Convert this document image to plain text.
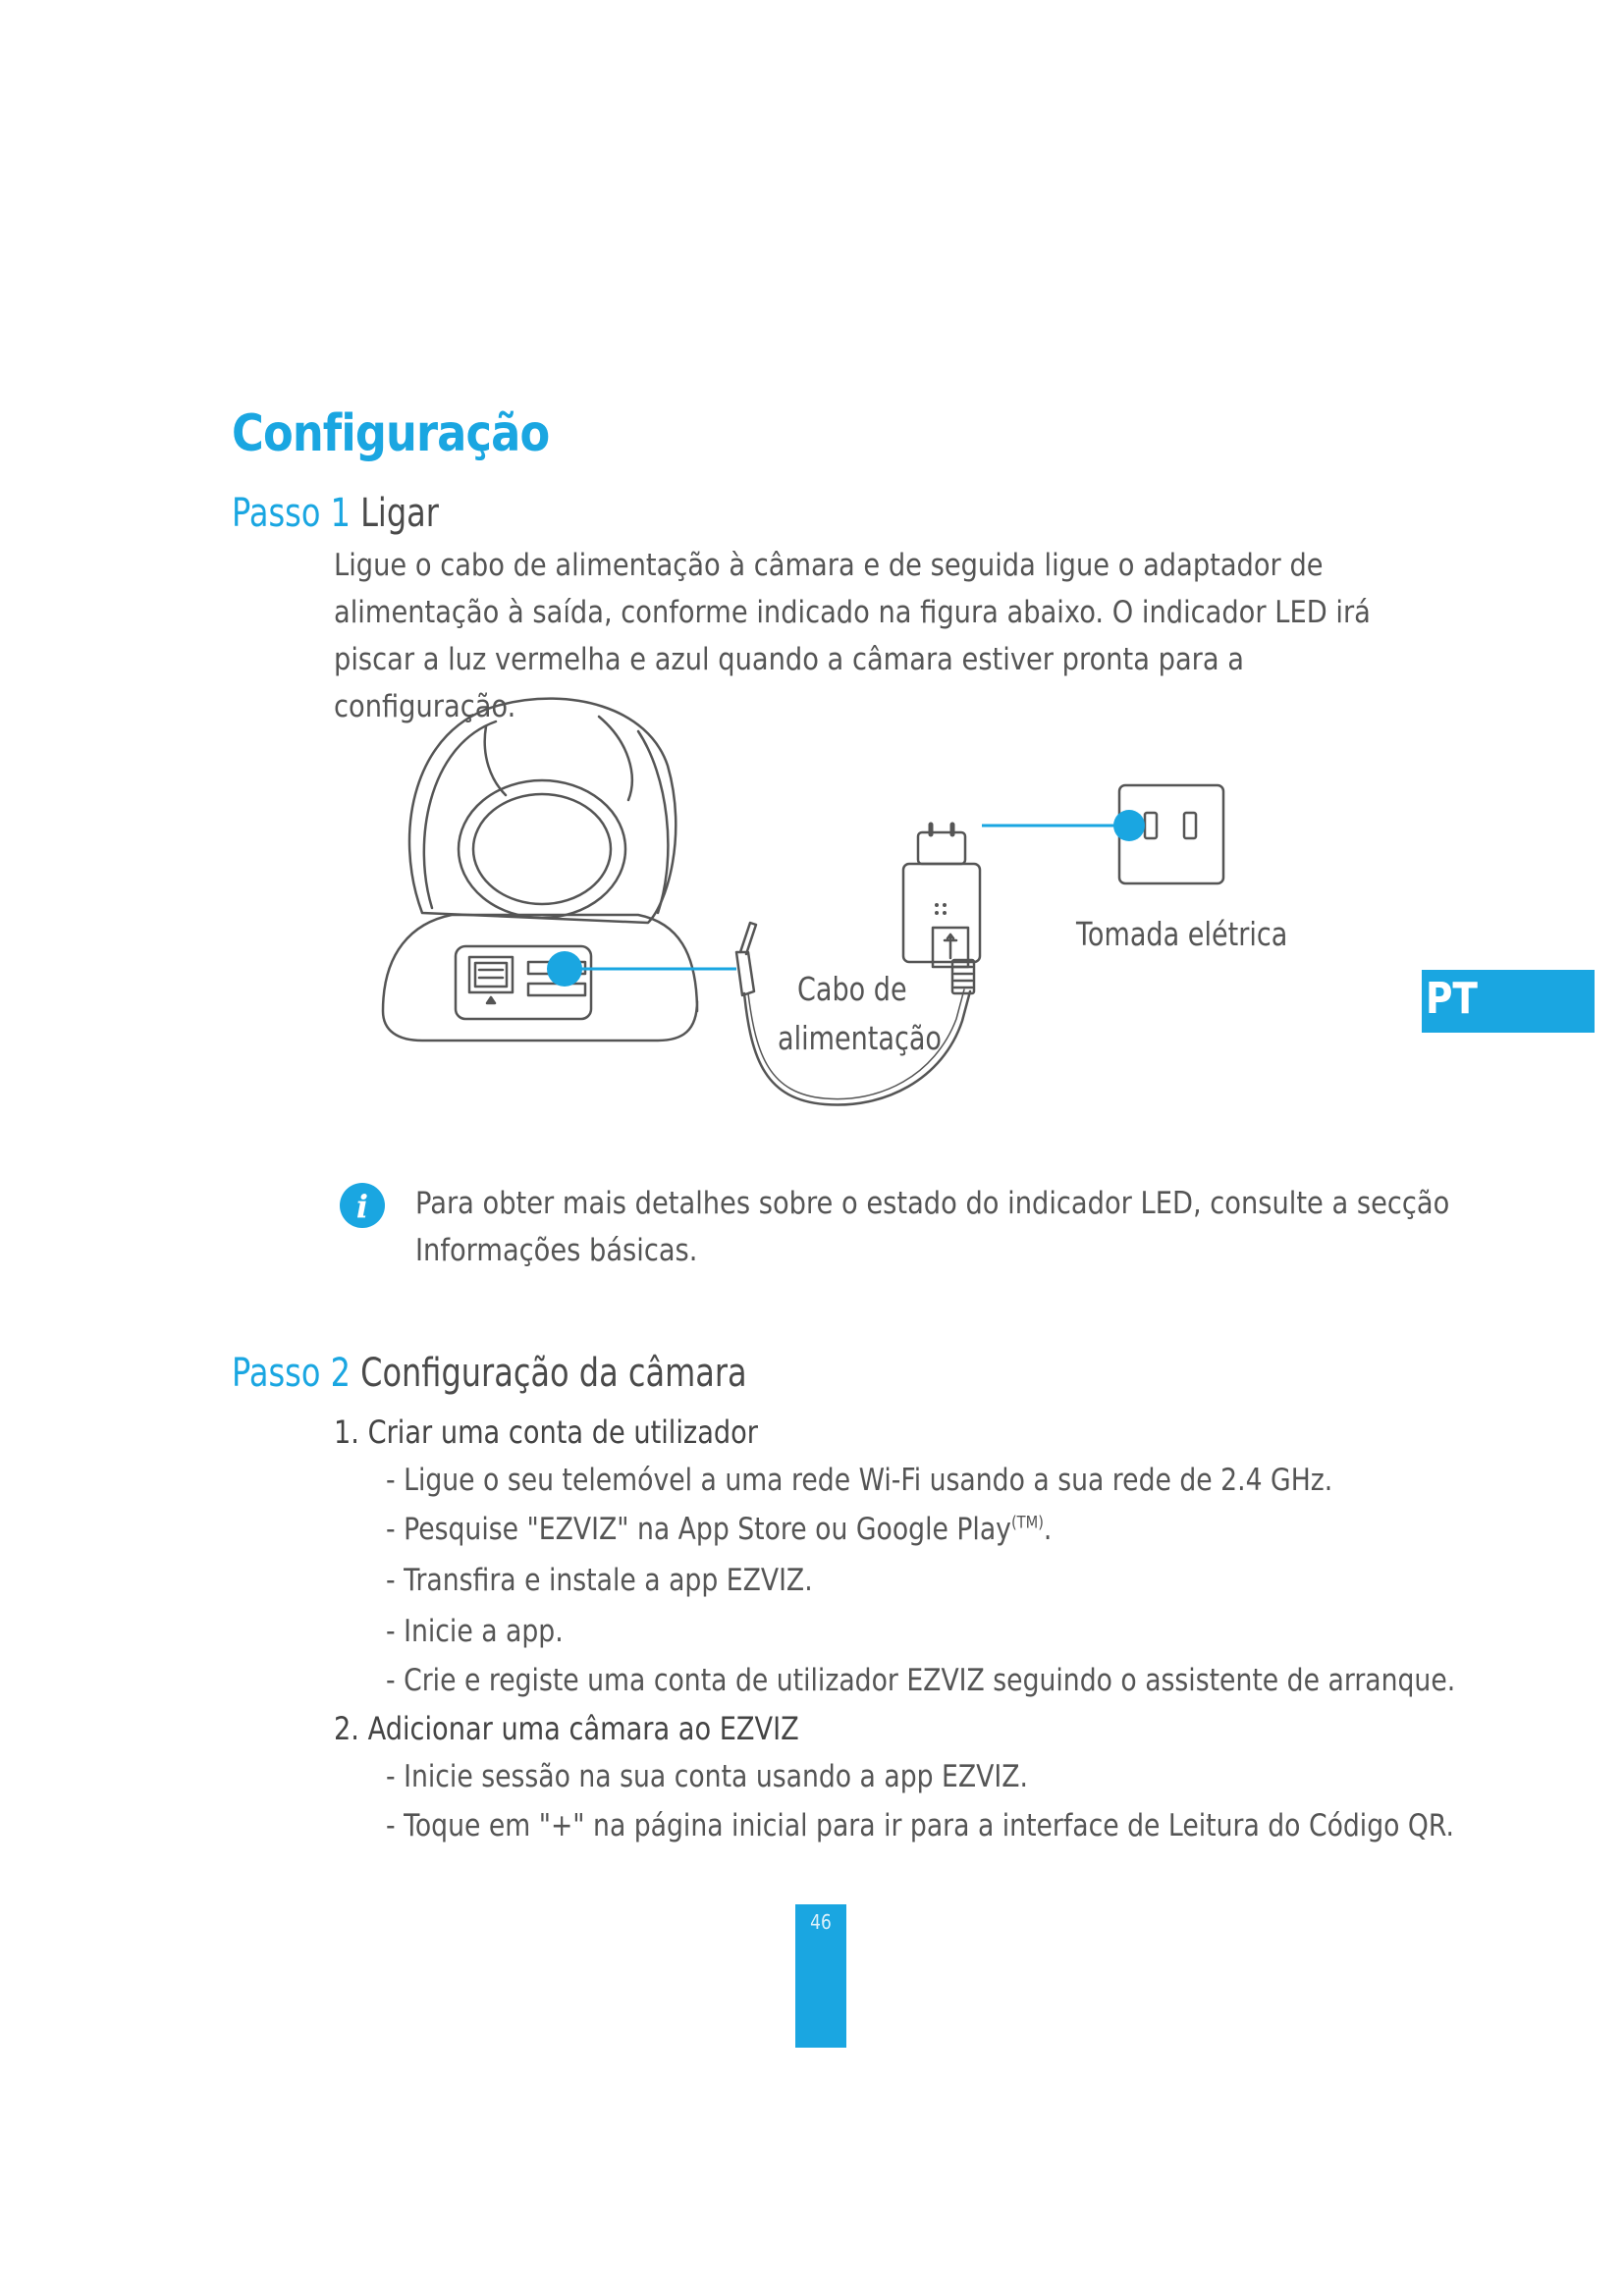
Configuração
Passo 1 Ligar

Ligue o cabo de alimentação à câmara e de seguida ligue o adaptador de alimentação à saída, conforme indicado na figura abaixo. O indicador LED irá piscar a luz vermelha e azul quando a câmara estiver pronta para a configuração.

Tomada elétrica
Cabo de
alimentação
PT
i Para obter mais detalhes sobre o estado do indicador LED, consulte a secção Informações básicas.

Passo 2 Configuração da câmara

1. Criar uma conta de utilizador

- Ligue o seu telemóvel a uma rede Wi-Fi usando a sua rede de 2.4 GHz.

- Pesquise "EZVIZ" na App Store ou Google Play$^{(TM)}$.

- Transfira e instale a app EZVIZ.

- Inicie a app.

- Crie e registe uma conta de utilizador EZVIZ seguindo o assistente de arranque.

2. Adicionar uma câmara ao EZVIZ

- Inicie sessão na sua conta usando a app EZVIZ.

- Toque em "+" na página inicial para ir para a interface de Leitura do Código QR.

46
